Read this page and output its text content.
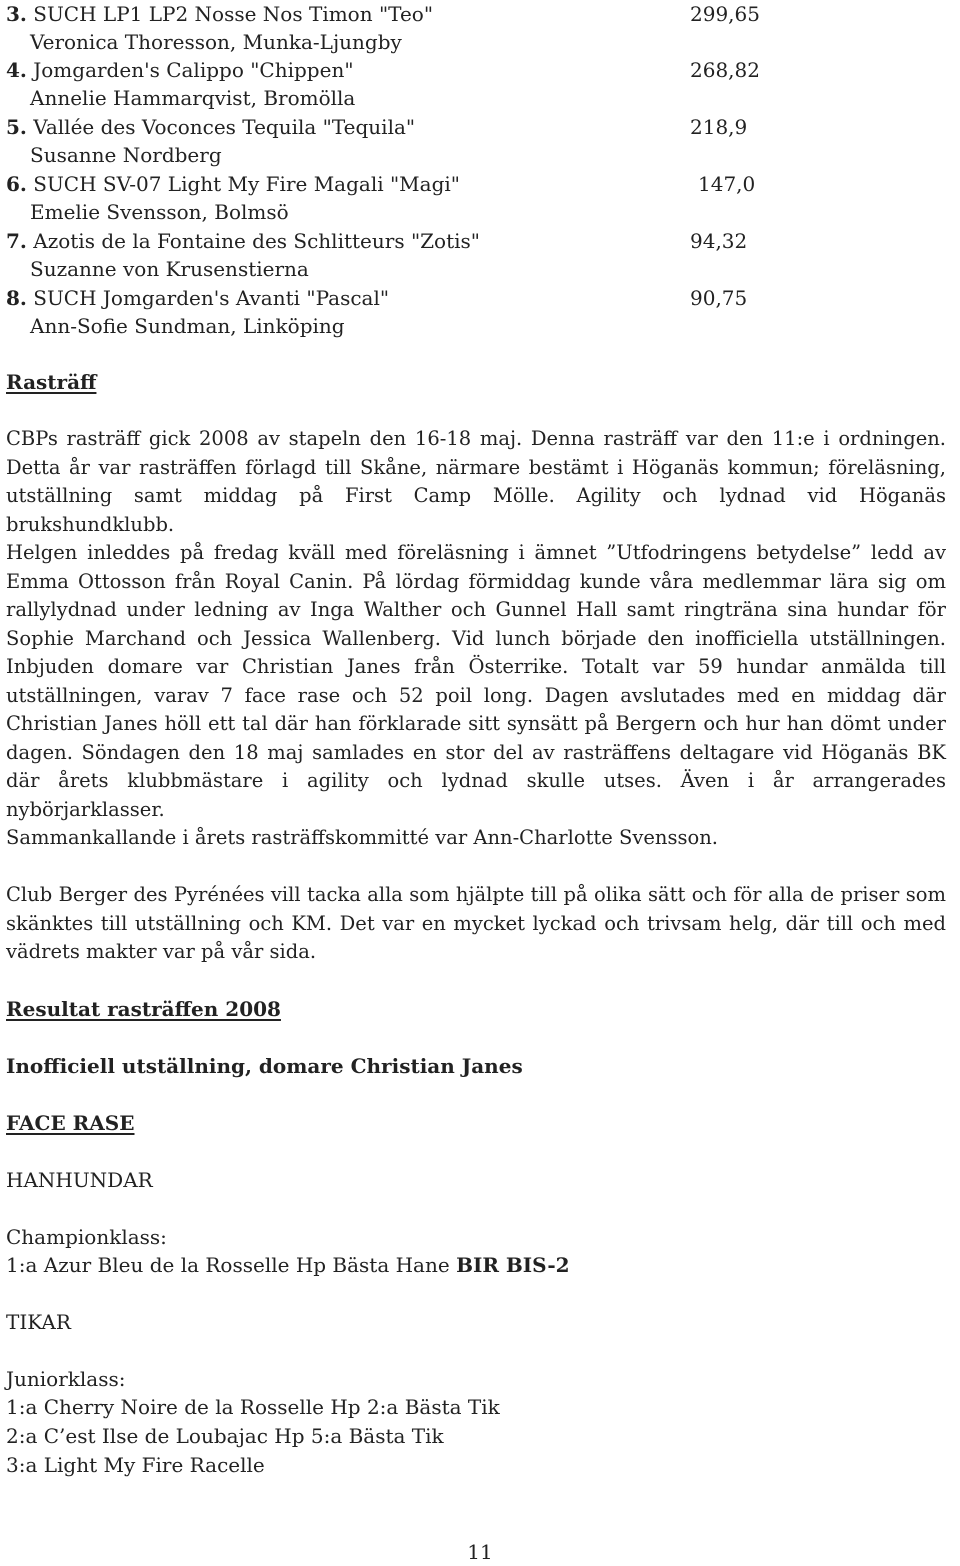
3. SUCH LP1 LP2 Nosse Nos Timon "Teo"	299,65
Veronica Thoresson, Munka-Ljungby
4. Jomgarden's Calippo "Chippen"	268,82
Annelie Hammarqvist, Bromölla
5. Vallée des Voconces Tequila "Tequila"	218,9
Susanne Nordberg
6. SUCH SV-07 Light My Fire Magali "Magi"	147,0
Emelie Svensson, Bolmsö
7. Azotis de la Fontaine des Schlitteurs "Zotis"	94,32
Suzanne von Krusenstierna
8. SUCH Jomgarden's Avanti "Pascal"	90,75
Ann-Sofie Sundman, Linköping
Rasträff
CBPs rasträff gick 2008 av stapeln den 16-18 maj. Denna rasträff var den 11:e i ordningen. Detta år var rasträffen förlagd till Skåne, närmare bestämt i Höganäs kommun; föreläsning, utställning samt middag på First Camp Mölle. Agility och lydnad vid Höganäs brukshundklubb.
Helgen inleddes på fredag kväll med föreläsning i ämnet ”Utfodringens betydelse” ledd av Emma Ottosson från Royal Canin. På lördag förmiddag kunde våra medlemmar lära sig om rallylydnad under ledning av Inga Walther och Gunnel Hall samt ringträna sina hundar för Sophie Marchand och Jessica Wallenberg. Vid lunch började den inofficiella utställningen. Inbjuden domare var Christian Janes från Österrike. Totalt var 59 hundar anmälda till utställningen, varav 7 face rase och 52 poil long. Dagen avslutades med en middag där Christian Janes höll ett tal där han förklarade sitt synsätt på Bergern och hur han dömt under dagen. Söndagen den 18 maj samlades en stor del av rasträffens deltagare vid Höganäs BK där årets klubbmästare i agility och lydnad skulle utses. Även i år arrangerades nybörjarklasser.
Sammankallande i årets rasträffskommitté var Ann-Charlotte Svensson.
Club Berger des Pyrénées vill tacka alla som hjälpte till på olika sätt och för alla de priser som skänktes till utställning och KM. Det var en mycket lyckad och trivsam helg, där till och med vädrets makter var på vår sida.
Resultat rasträffen 2008
Inofficiell utställning, domare Christian Janes
FACE RASE
HANHUNDAR
Championklass:
1:a Azur Bleu de la Rosselle Hp Bästa Hane BIR BIS-2
TIKAR
Juniorklass:
1:a Cherry Noire de la Rosselle Hp 2:a Bästa Tik
2:a C’est Ilse de Loubajac Hp 5:a Bästa Tik
3:a Light My Fire Racelle
11
